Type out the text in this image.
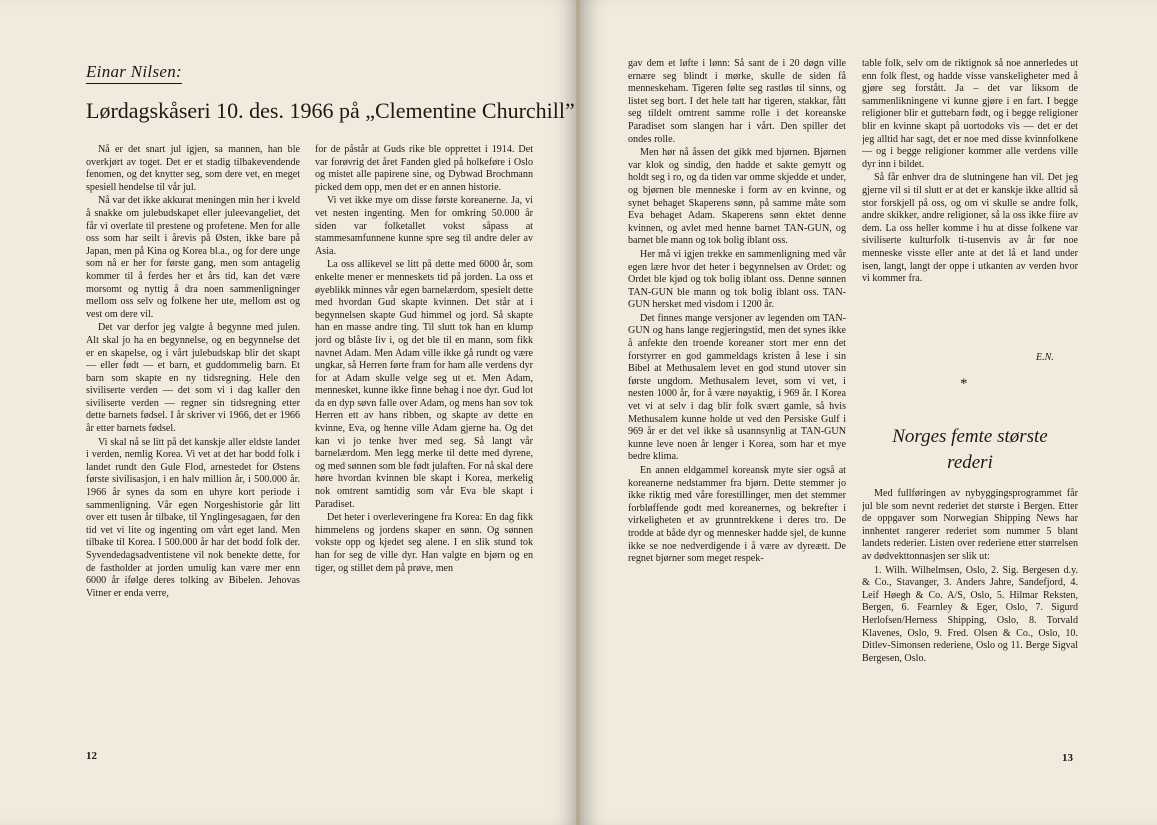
Einar Nilsen:
Lørdagskåseri 10. des. 1966 på „Clementine Churchill”

Nå er det snart jul igjen, sa mannen, han ble overkjørt av toget. Det er et stadig tilbakevendende fenomen, og det knytter seg, som dere vet, en meget spesiell hendelse til vår jul.

Nå var det ikke akkurat meningen min her i kveld å snakke om julebudskapet eller juleevangeliet, det får vi overlate til prestene og profetene. Men for alle oss som har seilt i årevis på Østen, ikke bare på Japan, men på Kina og Korea bl.a., og for dere unge som nå er her for første gang, men som antagelig kommer til å ferdes her et års tid, kan det være morsomt og nyttig å dra noen sammenligninger mellom oss selv og folkene her ute, mellom øst og vest om dere vil.

Det var derfor jeg valgte å begynne med julen. Alt skal jo ha en begynnelse, og en begynnelse det er en skapelse, og i vårt julebudskap blir det skapt — eller født — et barn, et guddommelig barn. Et barn som skapte en ny tidsregning. Hele den siviliserte verden — det som vi i dag kaller den siviliserte verden — regner sin tidsregning etter dette barnets fødsel. I år skriver vi 1966, det er 1966 år etter barnets fødsel.

Vi skal nå se litt på det kanskje aller eldste landet i verden, nemlig Korea. Vi vet at det har bodd folk i landet rundt den Gule Flod, arnestedet for Østens første sivilisasjon, i en halv million år, i 500.000 år. 1966 år synes da som en uhyre kort periode i sammenligning. Vår egen Norgeshistorie går litt over ett tusen år tilbake, til Ynglingesagaen, før den tid vet vi lite og ingenting om vårt eget land. Men tilbake til Korea. I 500.000 år har det bodd folk der. Syvendedagsadventistene vil nok benekte dette, for de fastholder at jorden umulig kan være mer enn 6000 år ifølge deres tolking av Bibelen. Jehovas Vitner er enda verre,

for de påstår at Guds rike ble opprettet i 1914. Det var forøvrig det året Fanden gled på holkeføre i Oslo og mistet alle papirene sine, og Dybwad Brochmann picked dem opp, men det er en annen historie.

Vi vet ikke mye om disse første koreanerne. Ja, vi vet nesten ingenting. Men for omkring 50.000 år siden var folketallet vokst såpass at stammesamfunnene kunne spre seg til andre deler av Asia.

La oss allikevel se litt på dette med 6000 år, som enkelte mener er menneskets tid på jorden. La oss et øyeblikk minnes vår egen barnelærdom, spesielt dette med hvordan Gud skapte kvinnen. Det står at i begynnelsen skapte Gud himmel og jord. Så skapte han en masse andre ting. Til slutt tok han en klump jord og blåste liv i, og det ble til en mann, som fikk navnet Adam. Men Adam ville ikke gå rundt og være ungkar, så Herren førte fram for ham alle verdens dyr for at Adam skulle velge seg ut et. Men Adam, mennesket, kunne ikke finne behag i noe dyr. Gud lot da en dyp søvn falle over Adam, og mens han sov tok Herren ett av hans ribben, og skapte av dette en kvinne, Eva, og henne ville Adam gjerne ha. Og det kan vi jo tenke hver med seg. Så langt vår barnelærdom. Men legg merke til dette med dyrene, og med sønnen som ble født julaften. For nå skal dere høre hvordan kvinnen ble skapt i Korea, merkelig nok omtrent samtidig som vår Eva ble skapt i Paradiset.

Det heter i overleveringene fra Korea: En dag fikk himmelens og jordens skaper en sønn. Og sønnen vokste opp og kjedet seg alene. I en slik stund tok han for seg de ville dyr. Han valgte en bjørn og en tiger, og stillet dem på prøve, men

12

gav dem et løfte i lønn: Så sant de i 20 døgn ville ernære seg blindt i mørke, skulle de siden få menneskeham. Tigeren følte seg rastløs til sinns, og listet seg bort. I det hele tatt har tigeren, stakkar, fått seg tildelt omtrent samme rolle i det koreanske Paradiset som slangen har i vårt. Den spiller det ondes rolle.

Men hør nå åssen det gikk med bjørnen. Bjørnen var klok og sindig, den hadde et sakte gemytt og holdt seg i ro, og da tiden var omme skjedde et under, og bjørnen ble menneske i form av en kvinne, og synet behaget Skaperens sønn, på samme måte som Eva behaget Adam. Skaperens sønn ektet denne kvinnen, og avlet med henne barnet TAN-GUN, og barnet ble mann og tok bolig iblant oss.

Her må vi igjen trekke en sammenligning med vår egen lære hvor det heter i begynnelsen av Ordet: og Ordet ble kjød og tok bolig iblant oss. Denne sønnen TAN-GUN ble mann og tok bolig iblant oss. TAN-GUN hersket med visdom i 1200 år.

Det finnes mange versjoner av legenden om TAN-GUN og hans lange regjeringstid, men det synes ikke å anfekte den troende koreaner stort mer enn det forstyrrer en god gammeldags kristen å lese i sin Bibel at Methusalem levet en god stund utover sin første ungdom. Methusalem levet, som vi vet, i nesten 1000 år, for å være nøyaktig, i 969 år. I Korea vet vi at selv i dag blir folk svært gamle, så hvis Methusalem kunne holde ut ved den Persiske Gulf i 969 år er det vel ikke så usannsynlig at TAN-GUN kunne leve noen år lenger i Korea, som har et mye bedre klima.

En annen eldgammel koreansk myte sier også at koreanerne nedstammer fra bjørn. Dette stemmer jo ikke riktig med våre forestillinger, men det stemmer forbløffende godt med koreanernes, og bekrefter i virkeligheten et av grunntrekkene i deres tro. De trodde at både dyr og mennesker hadde sjel, de kunne ikke se noe nedverdigende i å være av dyreætt. De regnet bjørner som meget respek-

table folk, selv om de riktignok så noe annerledes ut enn folk flest, og hadde visse vanskeligheter med å gjøre seg forstått. Ja – det var liksom de sammenlikningene vi kunne gjøre i en fart. I begge religioner blir et guttebarn født, og i begge religioner blir en kvinne skapt på uortodoks vis — det er det jeg alltid har sagt, det er noe med disse kvinnfolkene — og i begge religioner kommer alle verdens ville dyr inn i bildet.

Så får enhver dra de slutningene han vil. Det jeg gjerne vil si til slutt er at det er kanskje ikke alltid så stor forskjell på oss, og om vi skulle se andre folk, andre skikker, andre religioner, så la oss ikke fiire av dem. La oss heller komme i hu at disse folkene var siviliserte kulturfolk ti-tusenvis av år før noe menneske visste eller ante at det lå et land under isen, langt, langt der oppe i utkanten av verden hvor vi kommer fra.

E.N.
*
Norges femte største rederi

Med fullføringen av nybyggingsprogrammet får jul ble som nevnt rederiet det største i Bergen. Etter de oppgaver som Norwegian Shipping News har innhentet rangerer rederiet som nummer 5 blant landets rederier. Listen over rederiene etter størrelsen av dødvekttonnasjen ser slik ut:

1. Wilh. Wilhelmsen, Oslo, 2. Sig. Bergesen d.y. & Co., Stavanger, 3. Anders Jahre, Sandefjord, 4. Leif Høegh & Co. A/S, Oslo, 5. Hilmar Reksten, Bergen, 6. Fearnley & Eger, Oslo, 7. Sigurd Herlofsen/Herness Shipping, Oslo, 8. Torvald Klavenes, Oslo, 9. Fred. Olsen & Co., Oslo, 10. Ditlev-Simonsen rederiene, Oslo og 11. Berge Sigval Bergesen, Oslo.

13
